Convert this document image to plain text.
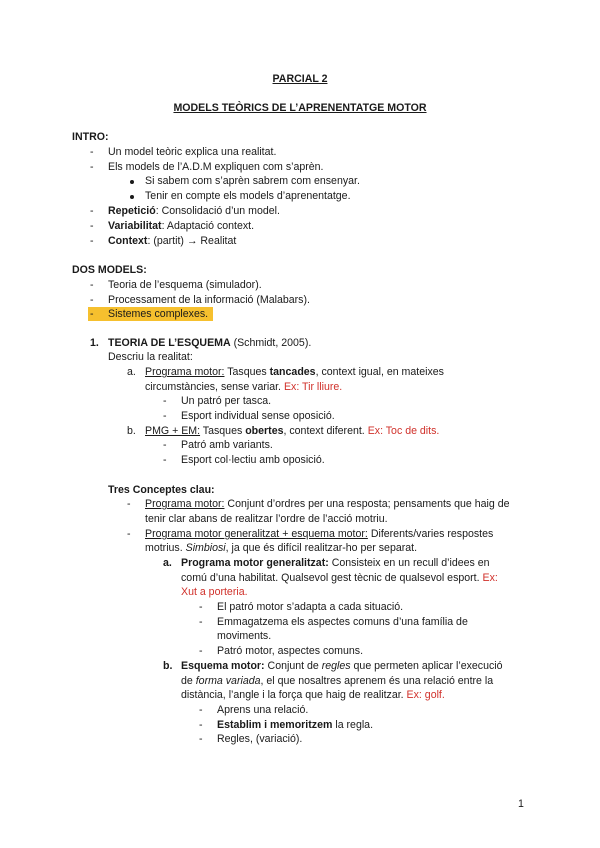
PARCIAL 2
MODELS TEÒRICS DE L’APRENENTATGE MOTOR
INTRO:
- Un model teòric explica una realitat.
- Els models de l’A.D.M expliquen com s’aprèn.
Si sabem com s’aprèn sabrem com ensenyar.
Tenir en compte els models d’aprenentatge.
- Repetició: Consolidació d’un model.
- Variabilitat: Adaptació context.
- Context: (partit) → Realitat
DOS MODELS:
- Teoria de l’esquema (simulador).
- Processament de la informació (Malabars).
- Sistemes complexes.
1. TEORIA DE L’ESQUEMA (Schmidt, 2005).
Descriu la realitat:
a. Programa motor: Tasques tancades, context igual, en mateixes
circumstàncies, sense variar. Ex: Tir lliure.
- Un patró per tasca.
- Esport individual sense oposició.
b. PMG + EM: Tasques obertes, context diferent. Ex: Toc de dits.
- Patró amb variants.
- Esport col·lectiu amb oposició.
Tres Conceptes clau:
- Programa motor: Conjunt d’ordres per una resposta; pensaments que haig de
tenir clar abans de realitzar l’ordre de l’acció motriu.
- Programa motor generalitzat + esquema motor: Diferents/varies respostes
motrius. Simbiosi, ja que és difícil realitzar-ho per separat.
a. Programa motor generalitzat: Consisteix en un recull d’idees en
comú d’una habilitat. Qualsevol gest tècnic de qualsevol esport. Ex:
Xut a porteria.
- El patró motor s’adapta a cada situació.
- Emmagatzema els aspectes comuns d’una família de
moviments.
- Patró motor, aspectes comuns.
b. Esquema motor: Conjunt de regles que permeten aplicar l’execució
de forma variada, el que nosaltres aprenem és una relació entre la
distància, l’angle i la força que haig de realitzar. Ex: golf.
- Aprens una relació.
- Establim i memoritzem la regla.
- Regles, (variació).
1
